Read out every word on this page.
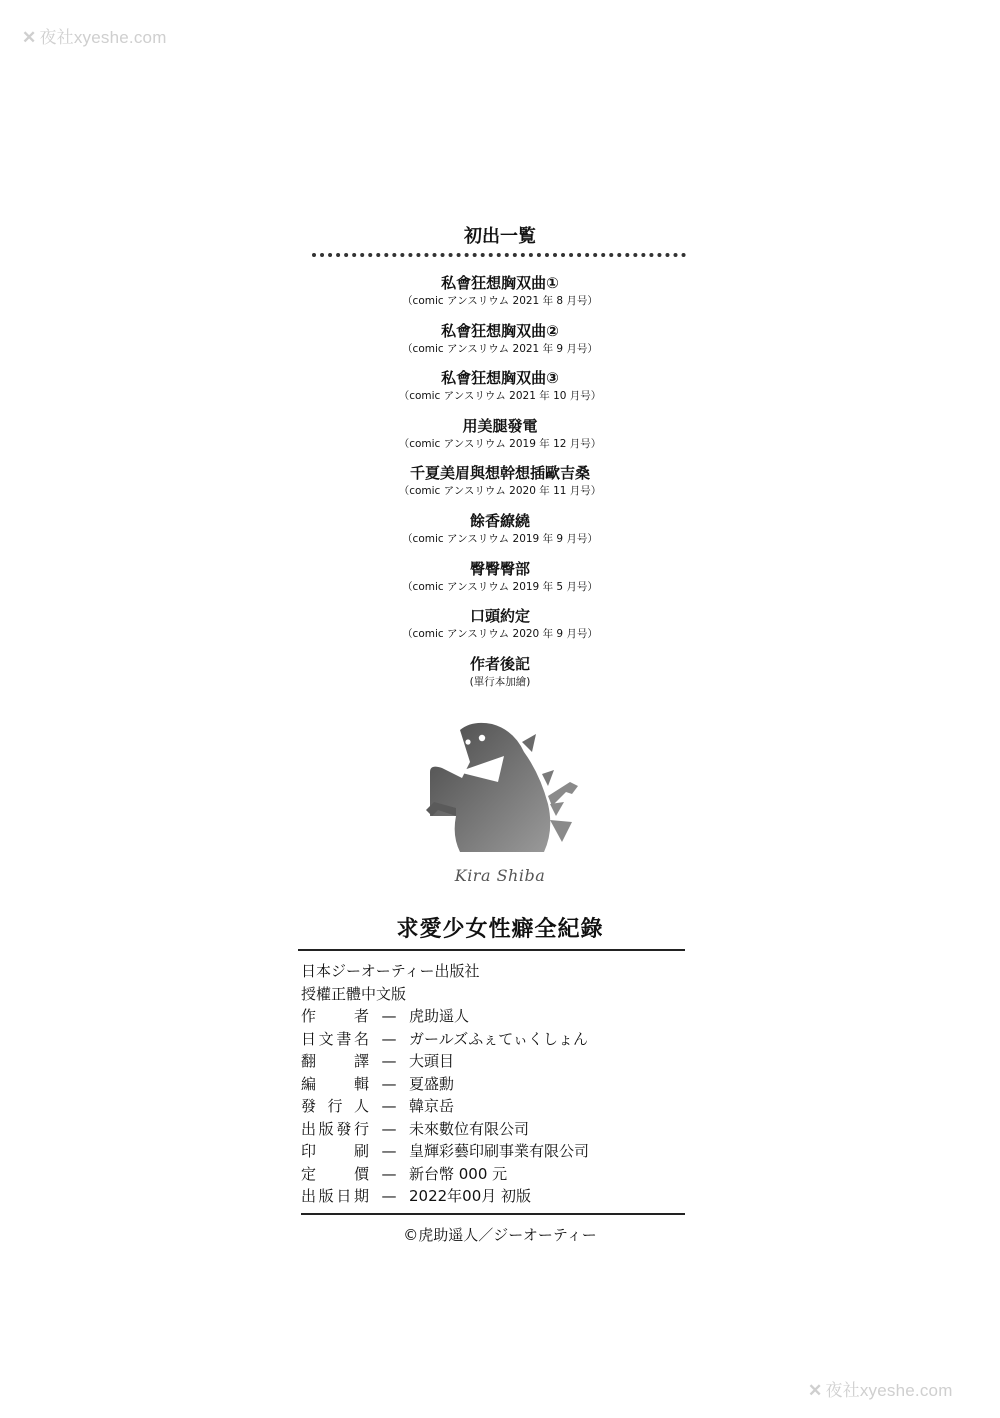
✕ 夜社xyeshe.com
初出一覧
私會狂想胸双曲①
（comic アンスリウム 2021 年 8 月号）
私會狂想胸双曲②
（comic アンスリウム 2021 年 9 月号）
私會狂想胸双曲③
（comic アンスリウム 2021 年 10 月号）
用美腿發電
（comic アンスリウム 2019 年 12 月号）
千夏美眉與想幹想插歐吉桑
（comic アンスリウム 2020 年 11 月号）
餘香繚繞
（comic アンスリウム 2019 年 9 月号）
臀臀臀部
（comic アンスリウム 2019 年 5 月号）
口頭約定
（comic アンスリウム 2020 年 9 月号）
作者後記
(單行本加繪)
Kira Shiba
求愛少女性癖全紀錄
日本ジーオーティー出版社
授權正體中文版
作者 — 虎助遥人
日文書名 — ガールズふぇてぃくしょん
翻譯 — 大頭目
編輯 — 夏盛勳
發行人 — 韓京岳
出版發行 — 未來數位有限公司
印刷 — 皇輝彩藝印刷事業有限公司
定價 — 新台幣 000 元
出版日期 — 2022年00月 初版
©虎助遥人／ジーオーティー
✕ 夜社xyeshe.com
